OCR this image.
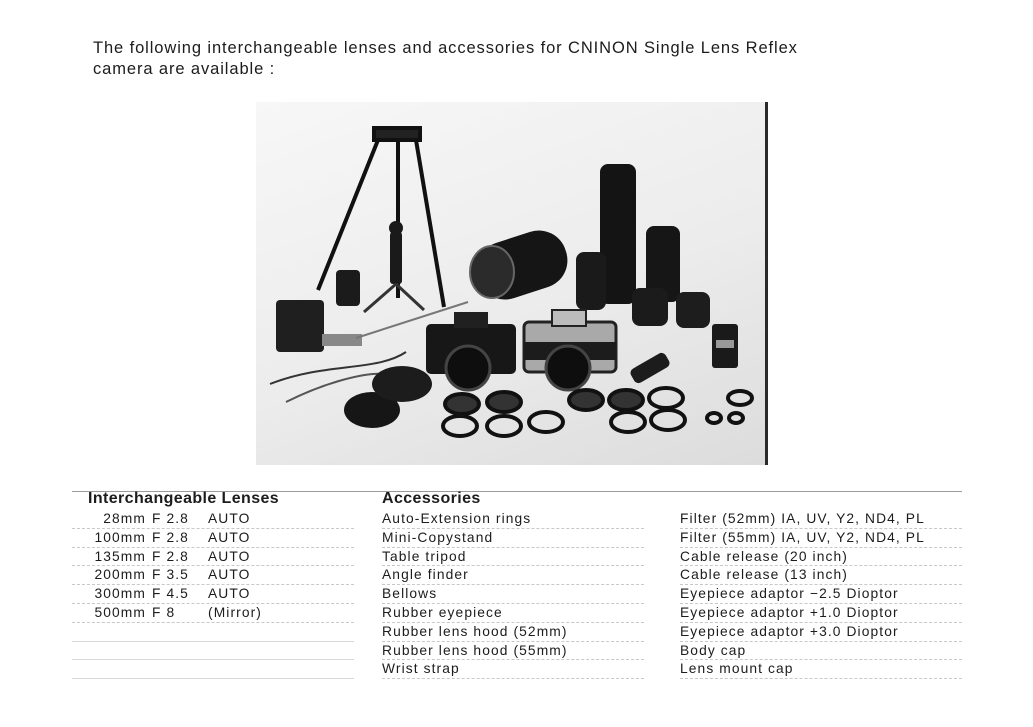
The following interchangeable lenses and accessories for CNINON Single Lens Reflex
camera are available :

Interchangeable Lenses
28mm F 2.8 AUTO
100mm F 2.8 AUTO
135mm F 2.8 AUTO
200mm F 3.5 AUTO
300mm F 4.5 AUTO
500mm F 8 (Mirror)
Accessories
Auto-Extension rings
Mini-Copystand
Table tripod
Angle finder
Bellows
Rubber eyepiece
Rubber lens hood (52mm)
Rubber lens hood (55mm)
Wrist strap
Filter (52mm) IA, UV, Y2, ND4, PL
Filter (55mm) IA, UV, Y2, ND4, PL
Cable release (20 inch)
Cable release (13 inch)
Eyepiece adaptor −2.5 Dioptor
Eyepiece adaptor +1.0 Dioptor
Eyepiece adaptor +3.0 Dioptor
Body cap
Lens mount cap
